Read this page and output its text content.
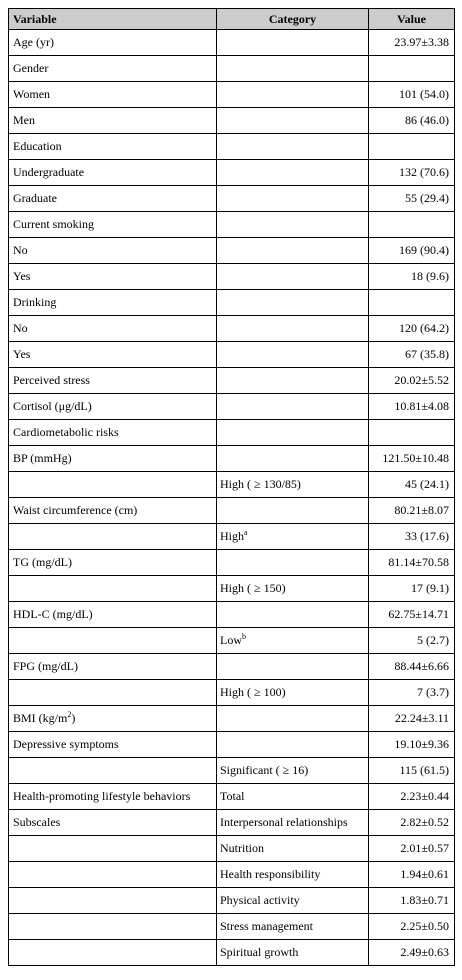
Variable	Category	Value
Age (yr)		23.97±3.38
Gender		
Women		101 (54.0)
Men		86 (46.0)
Education		
Undergraduate		132 (70.6)
Graduate		55 (29.4)
Current smoking		
No		169 (90.4)
Yes		18 (9.6)
Drinking		
No		120 (64.2)
Yes		67 (35.8)
Perceived stress		20.02±5.52
Cortisol (μg/dL)		10.81±4.08
Cardiometabolic risks		
BP (mmHg)		121.50±10.48
	High ( ≥ 130/85)	45 (24.1)
Waist circumference (cm)		80.21±8.07
	High$^a$	33 (17.6)
TG (mg/dL)		81.14±70.58
	High ( ≥ 150)	17 (9.1)
HDL-C (mg/dL)		62.75±14.71
	Low$^b$	5 (2.7)
FPG (mg/dL)		88.44±6.66
	High ( ≥ 100)	7 (3.7)
BMI $(kg/m^2)$		22.24±3.11
Depressive symptoms		19.10±9.36
	Significant ( ≥ 16)	115 (61.5)
Health-promoting lifestyle behaviors	Total	2.23±0.44
Subscales	Interpersonal relationships	2.82±0.52
	Nutrition	2.01±0.57
	Health responsibility	1.94±0.61
	Physical activity	1.83±0.71
	Stress management	2.25±0.50
	Spiritual growth	2.49±0.63
